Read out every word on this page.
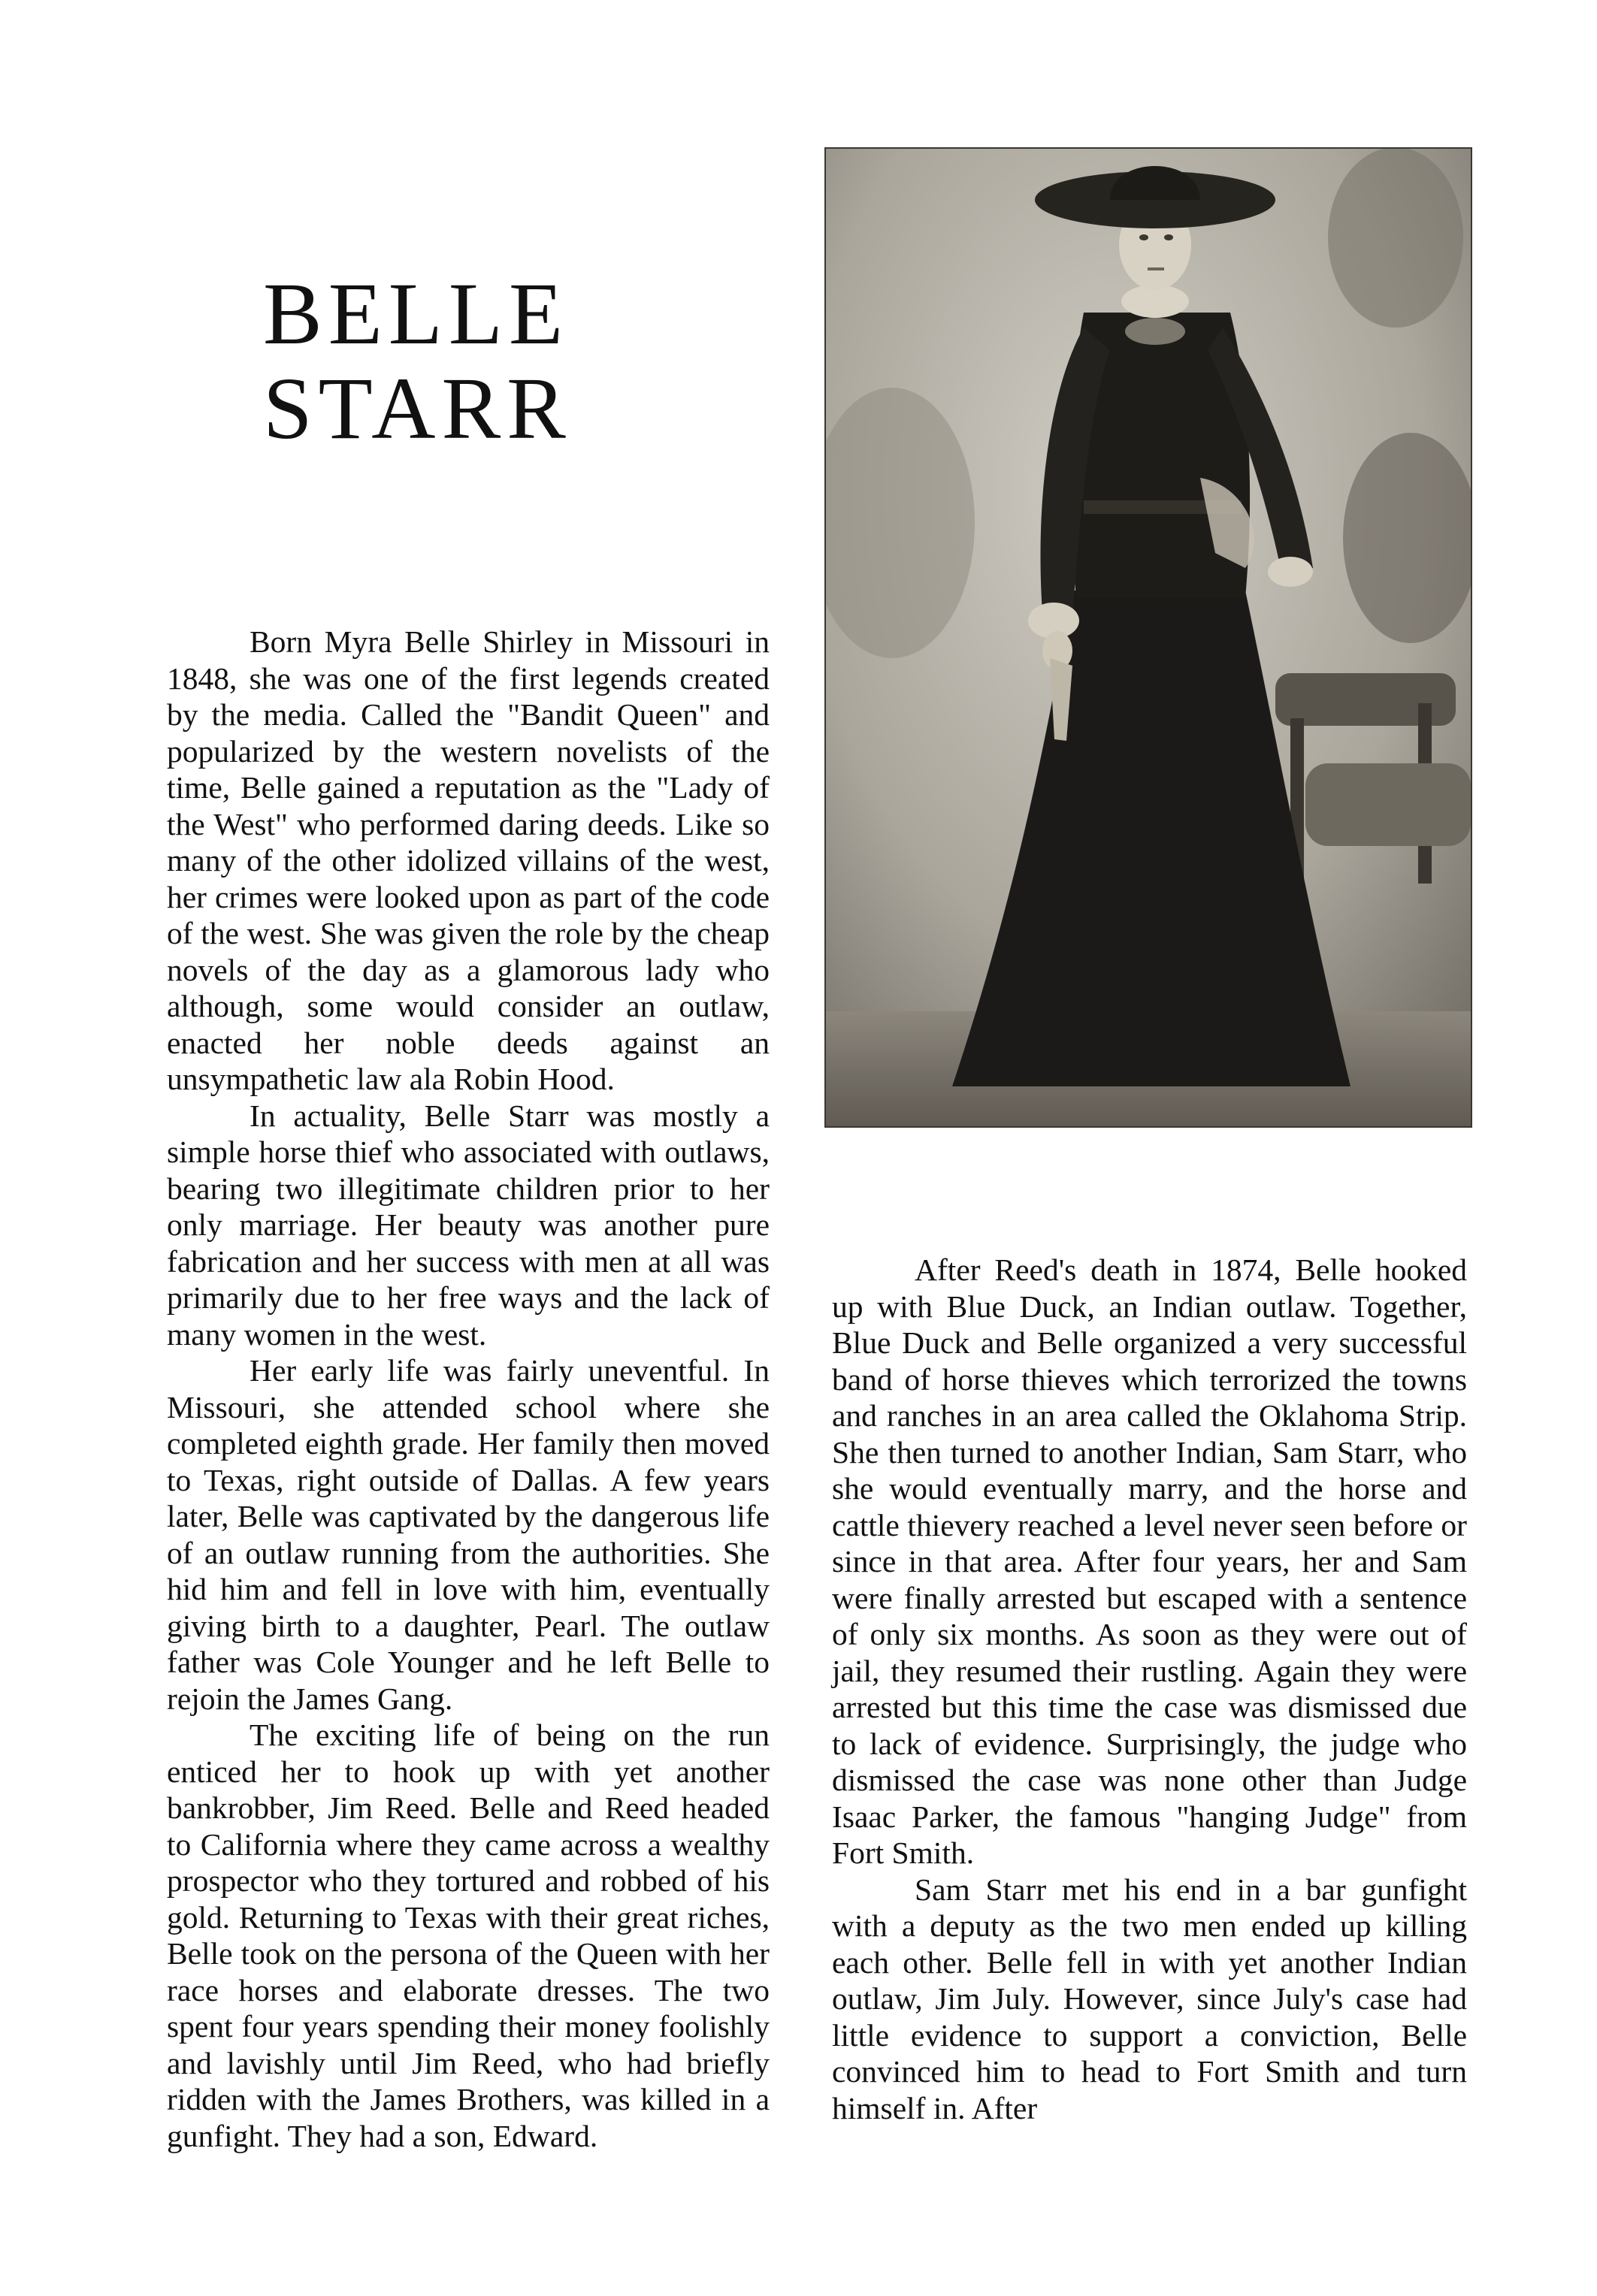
BELLE
STARR

Born Myra Belle Shirley in Missouri in 1848, she was one of the first legends created by the media. Called the "Bandit Queen" and popularized by the western novelists of the time, Belle gained a reputation as the "Lady of the West" who performed daring deeds. Like so many of the other idolized villains of the west, her crimes were looked upon as part of the code of the west. She was given the role by the cheap novels of the day as a glamorous lady who although, some would consider an outlaw, enacted her noble deeds against an unsympathetic law ala Robin Hood.

In actuality, Belle Starr was mostly a simple horse thief who associated with outlaws, bearing two illegitimate children prior to her only marriage. Her beauty was another pure fabrication and her success with men at all was primarily due to her free ways and the lack of many women in the west.

Her early life was fairly uneventful. In Missouri, she attended school where she completed eighth grade. Her family then moved to Texas, right outside of Dallas. A few years later, Belle was captivated by the dangerous life of an outlaw running from the authorities. She hid him and fell in love with him, eventually giving birth to a daughter, Pearl. The outlaw father was Cole Younger and he left Belle to rejoin the James Gang.

The exciting life of being on the run enticed her to hook up with yet another bankrobber, Jim Reed. Belle and Reed headed to California where they came across a wealthy prospector who they tortured and robbed of his gold. Returning to Texas with their great riches, Belle took on the persona of the Queen with her race horses and elaborate dresses. The two spent four years spending their money foolishly and lavishly until Jim Reed, who had briefly ridden with the James Brothers, was killed in a gunfight. They had a son, Edward.

After Reed's death in 1874, Belle hooked up with Blue Duck, an Indian outlaw. Together, Blue Duck and Belle organized a very successful band of horse thieves which terrorized the towns and ranches in an area called the Oklahoma Strip. She then turned to another Indian, Sam Starr, who she would eventually marry, and the horse and cattle thievery reached a level never seen before or since in that area. After four years, her and Sam were finally arrested but escaped with a sentence of only six months. As soon as they were out of jail, they resumed their rustling. Again they were arrested but this time the case was dismissed due to lack of evidence. Surprisingly, the judge who dismissed the case was none other than Judge Isaac Parker, the famous "hanging Judge" from Fort Smith.

Sam Starr met his end in a bar gunfight with a deputy as the two men ended up killing each other. Belle fell in with yet another Indian outlaw, Jim July. However, since July's case had little evidence to support a conviction, Belle convinced him to head to Fort Smith and turn himself in. After
